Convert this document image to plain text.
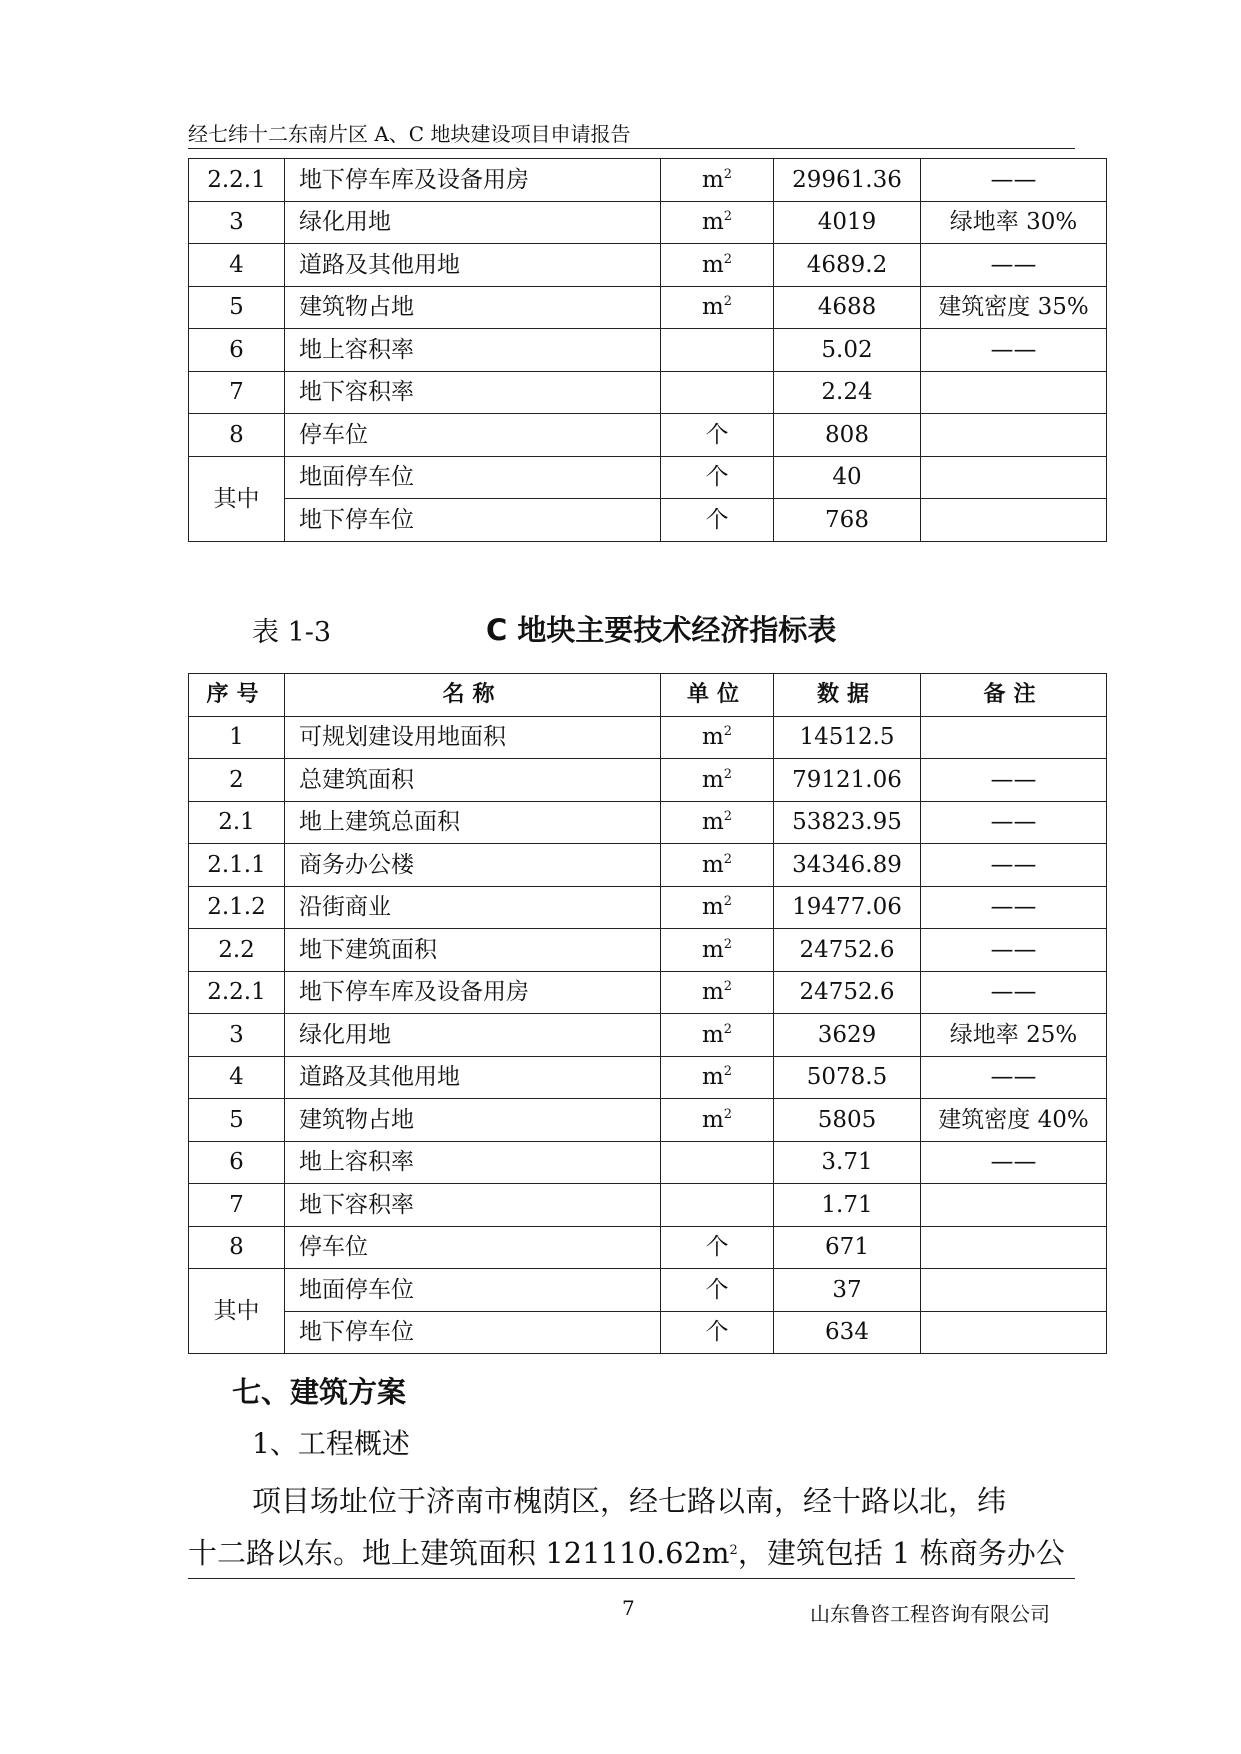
经七纬十二东南片区 A、C 地块建设项目申请报告
2.2.1	地下停车库及设备用房	$m^2$	29961.36	——
3	绿化用地	$m^2$	4019	绿地率 30%
4	道路及其他用地	$m^2$	4689.2	——
5	建筑物占地	$m^2$	4688	建筑密度 35%
6	地上容积率		5.02	——
7	地下容积率		2.24	
8	停车位	个	808	
其中	地面停车位	个	40	
	地下停车位	个	768	
表 1-3	C 地块主要技术经济指标表
序号	名称	单位	数据	备注
1	可规划建设用地面积	$m^2$	14512.5	
2	总建筑面积	$m^2$	79121.06	——
2.1	地上建筑总面积	$m^2$	53823.95	——
2.1.1	商务办公楼	$m^2$	34346.89	——
2.1.2	沿街商业	$m^2$	19477.06	——
2.2	地下建筑面积	$m^2$	24752.6	——
2.2.1	地下停车库及设备用房	$m^2$	24752.6	——
3	绿化用地	$m^2$	3629	绿地率 25%
4	道路及其他用地	$m^2$	5078.5	——
5	建筑物占地	$m^2$	5805	建筑密度 40%
6	地上容积率		3.71	——
7	地下容积率		1.71	
8	停车位	个	671	
其中	地面停车位	个	37	
	地下停车位	个	634	
七、建筑方案
1、工程概述
项目场址位于济南市槐荫区，经七路以南，经十路以北，纬
十二路以东。地上建筑面积 $121110.62m^2$，建筑包括 1 栋商务办公
7	山东鲁咨工程咨询有限公司
